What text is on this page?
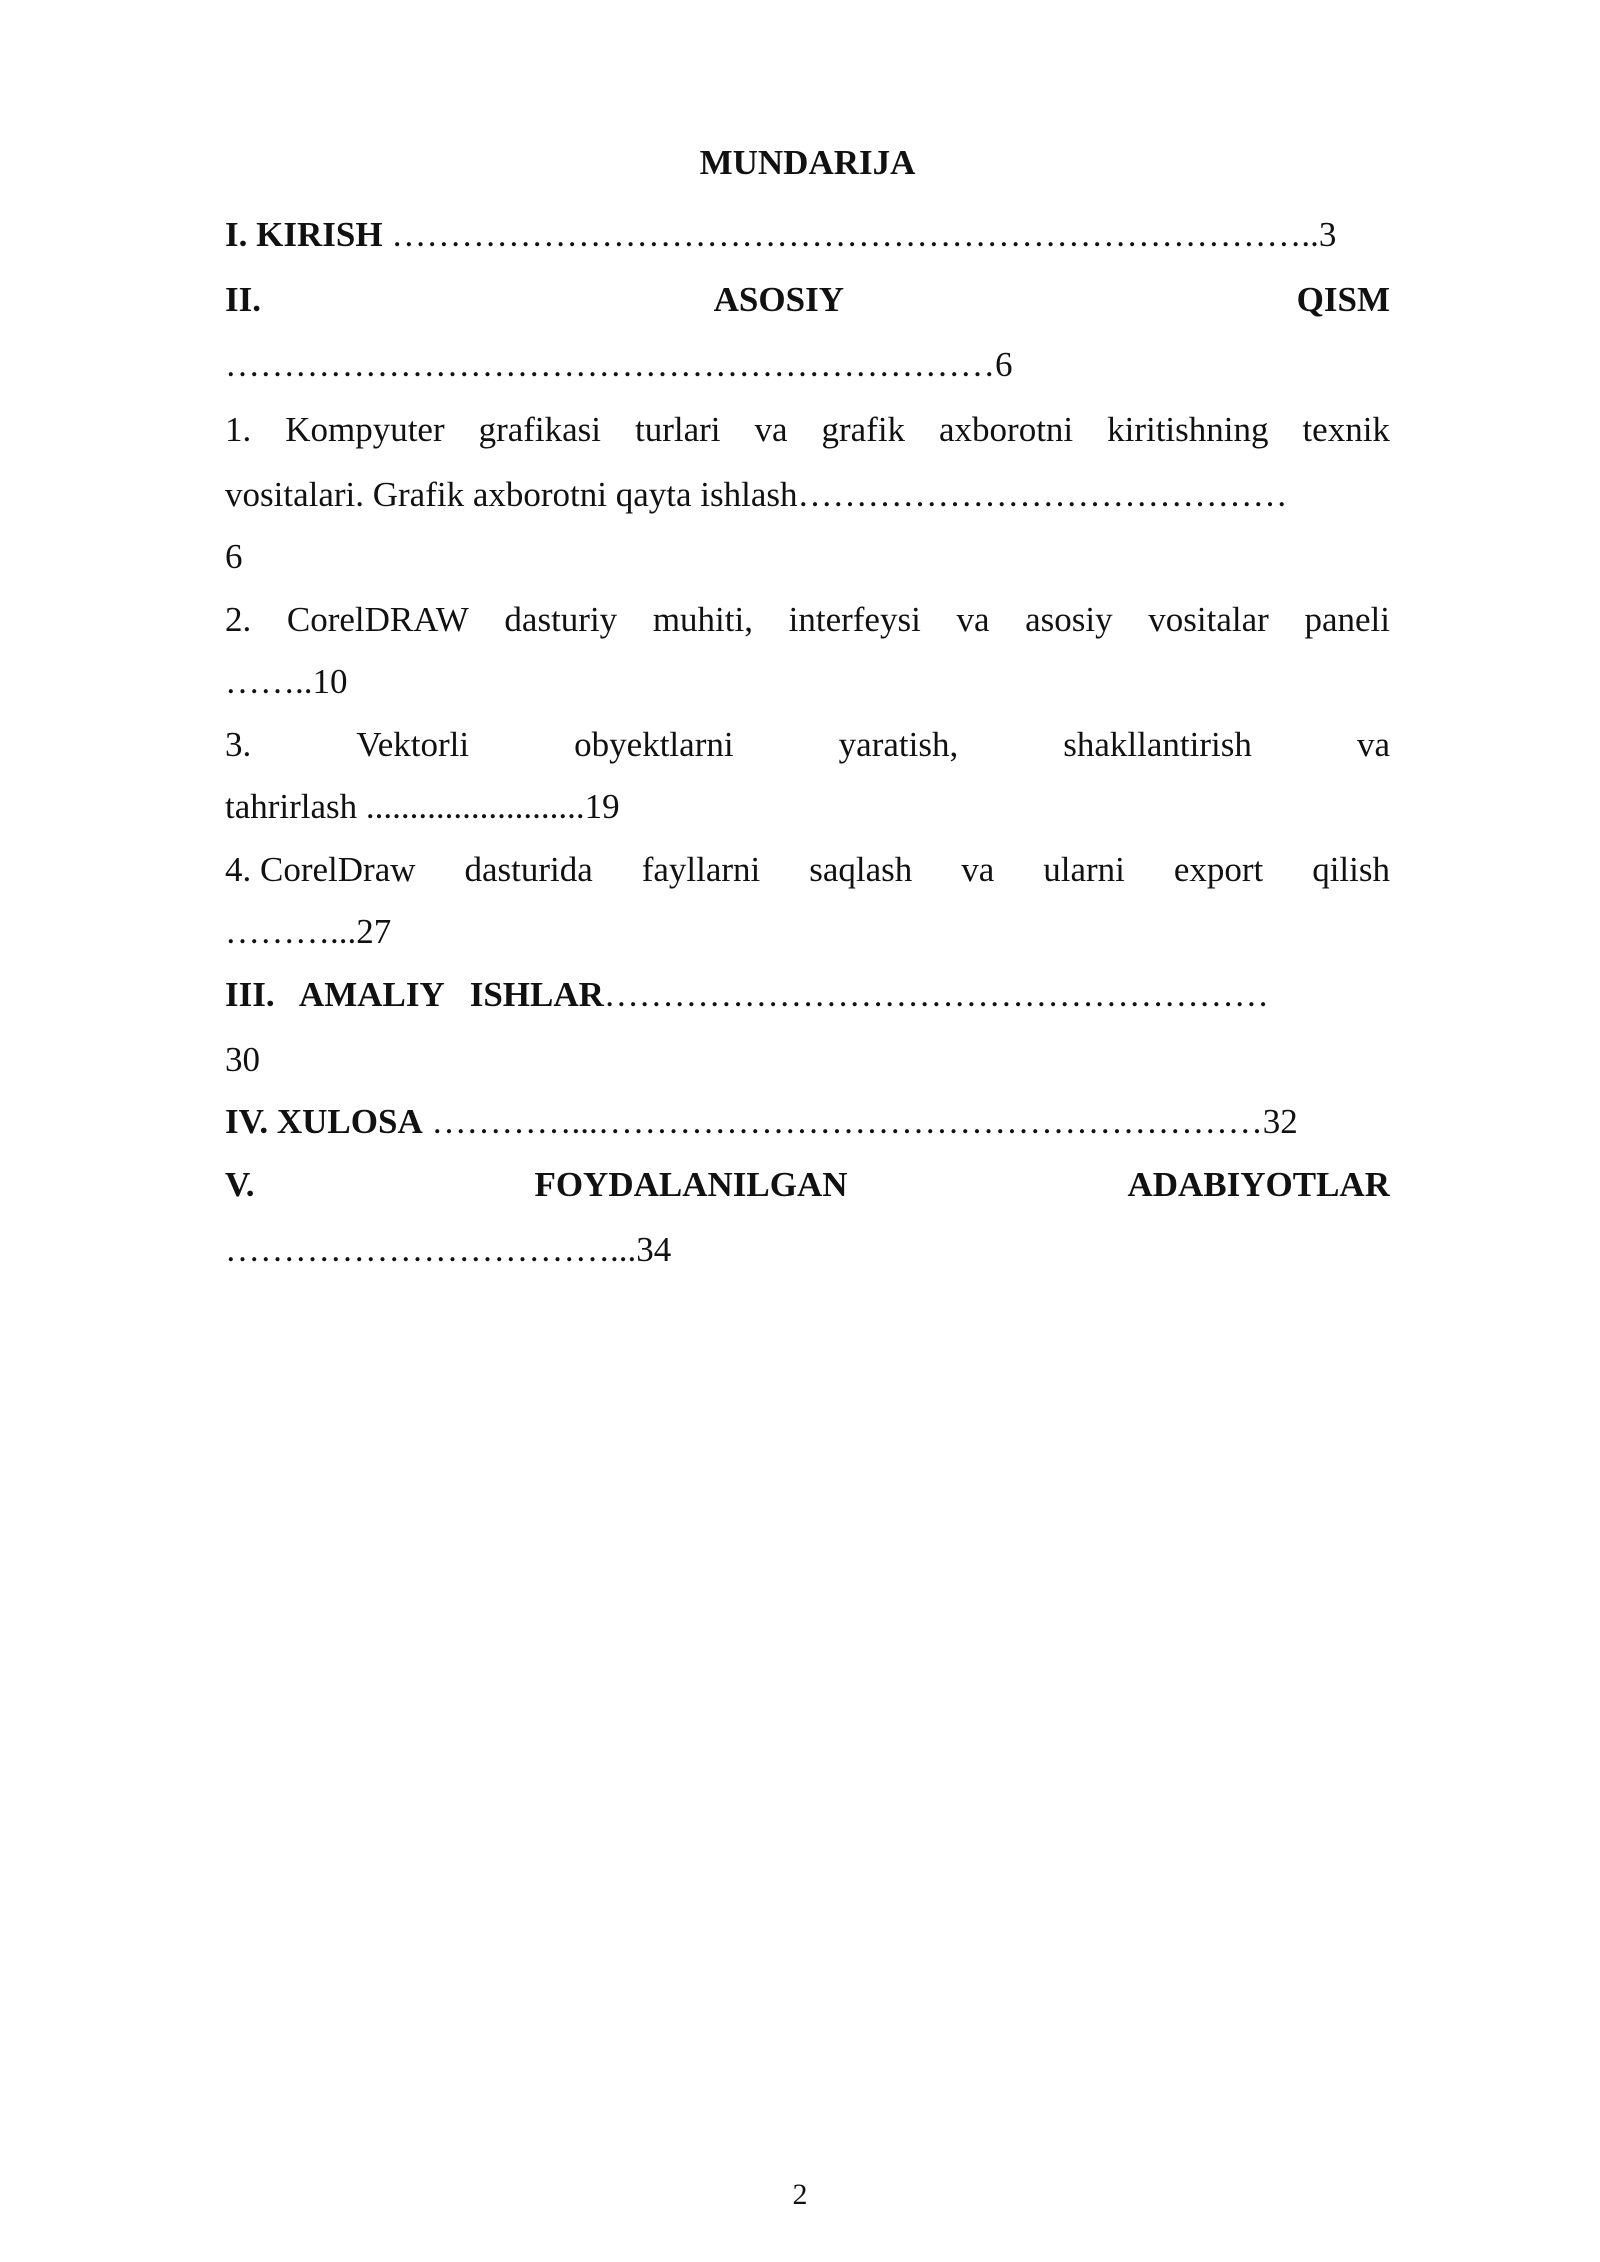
MUNDARIJA
I. KIRISH ……………………………………………………………………..3
II.	ASOSIY	QISM
…………………………………………………………6
1. Kompyuter grafikasi turlari va grafik axborotni kiritishning texnik
vositalari. Grafik axborotni qayta ishlash……………………………………
6
2. CorelDRAW dasturiy muhiti, interfeysi va asosiy vositalar paneli
……..10
3.	Vektorli	obyektlarni	yaratish,	shakllantirish	va
tahrirlash .........................19
4. CorelDraw dasturida fayllarni saqlash va ularni export qilish
………...27
III.   AMALIY   ISHLAR…………………………………………………
30
IV. XULOSA …………...…………………………………………………32
V.	FOYDALANILGAN	ADABIYOTLAR
……………………………...34
2
